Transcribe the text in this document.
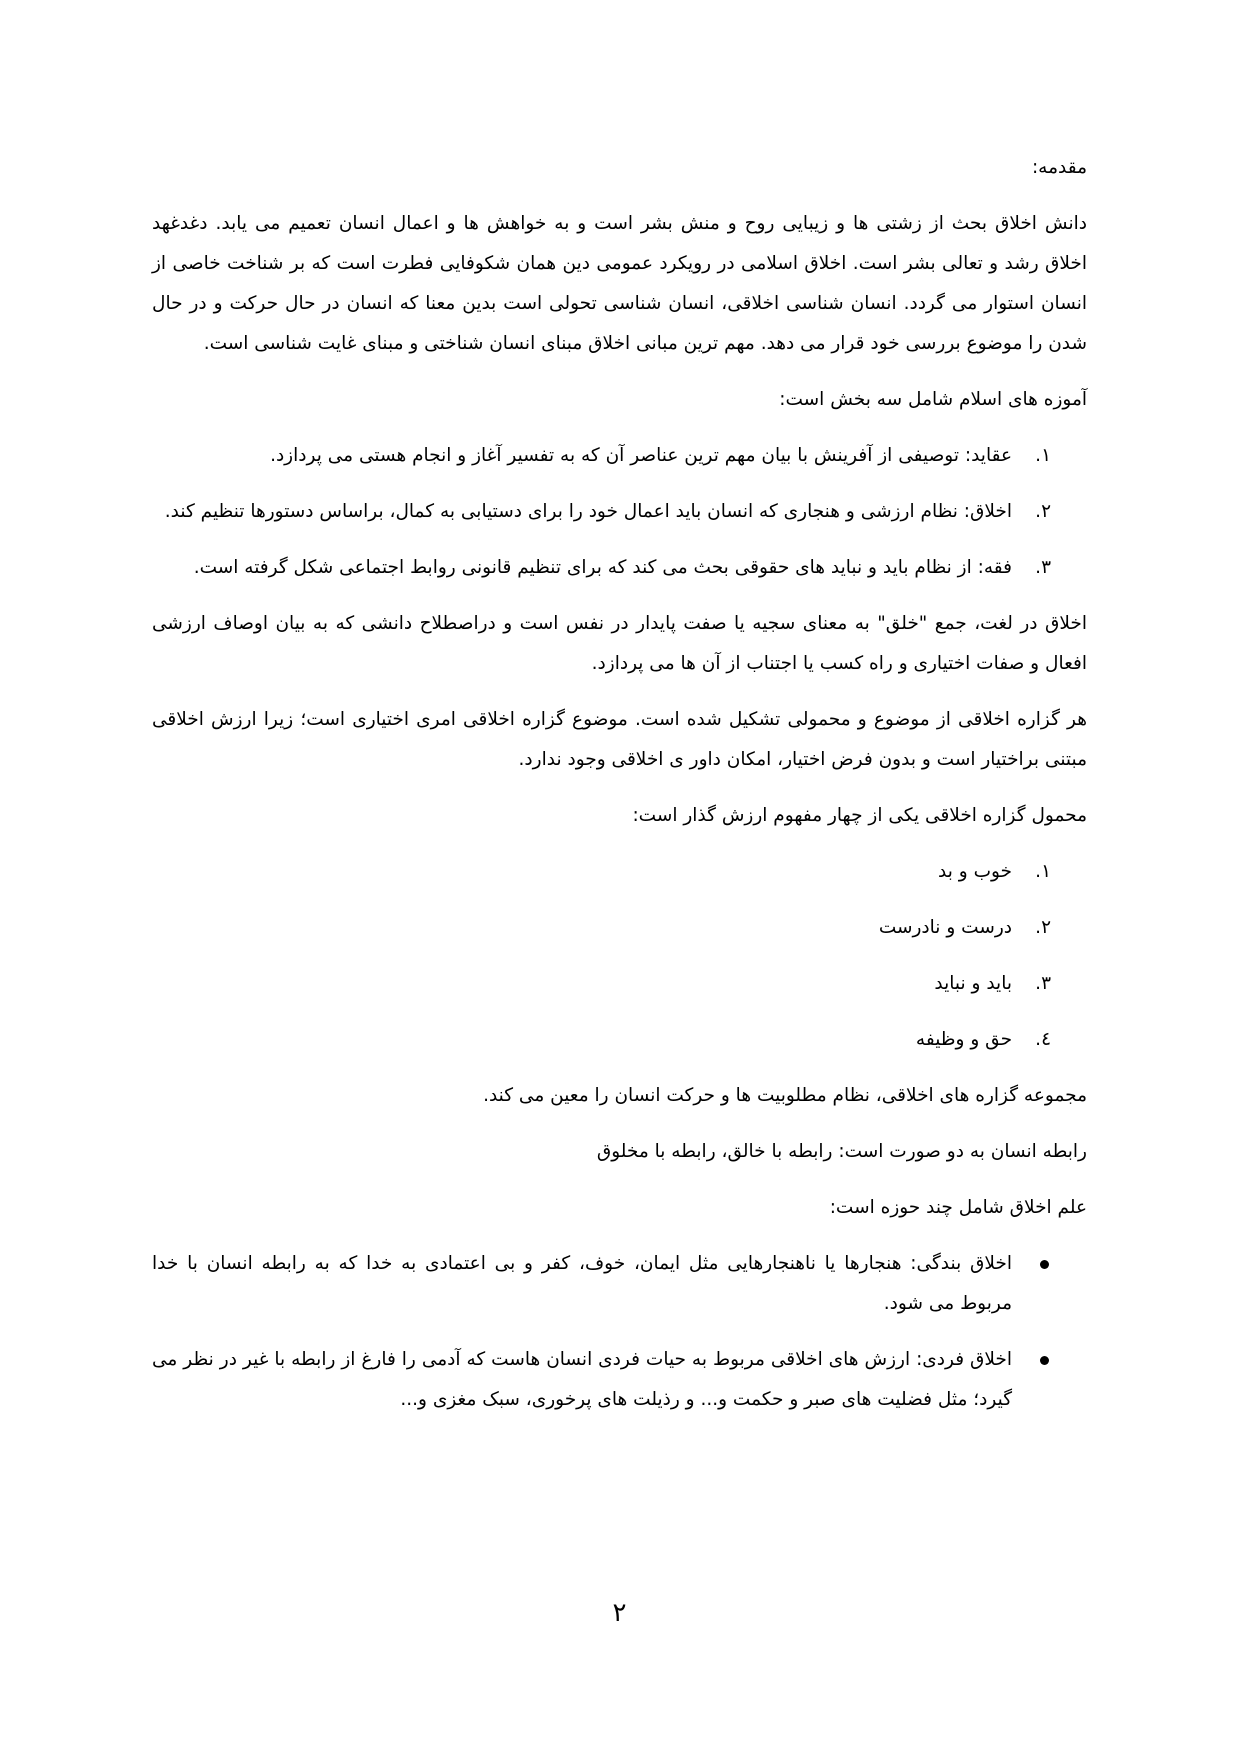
مقدمه:

دانش اخلاق بحث از زشتی ها و زیبایی روح و منش بشر است و به خواهش ها و اعمال انسان تعمیم می یابد. دغدغهد اخلاق رشد و تعالی بشر است. اخلاق اسلامی در رویکرد عمومی دین همان شکوفایی فطرت است که بر شناخت خاصی از انسان استوار می گردد. انسان شناسی اخلاقی، انسان شناسی تحولی است بدین معنا که انسان در حال حرکت و در حال شدن را موضوع بررسی خود قرار می دهد. مهم ترین مبانی اخلاق مبنای انسان شناختی و مبنای غایت شناسی است.

آموزه های اسلام شامل سه بخش است:

١.
عقاید: توصیفی از آفرینش با بیان مهم ترین عناصر آن که به تفسیر آغاز و انجام هستی می پردازد.
٢.
اخلاق: نظام ارزشی و هنجاری که انسان باید اعمال خود را برای دستیابی به کمال، براساس دستورها تنظیم کند.
٣.
فقه: از نظام باید و نباید های حقوقی بحث می کند که برای تنظیم قانونی روابط اجتماعی شکل گرفته است.

اخلاق در لغت، جمع "خلق" به معنای سجیه یا صفت پایدار در نفس است و دراصطلاح دانشی که به بیان اوصاف ارزشی افعال و صفات اختیاری و راه کسب یا اجتناب از آن ها می پردازد.

هر گزاره اخلاقی از موضوع و محمولی تشکیل شده است. موضوع گزاره اخلاقی امری اختیاری است؛ زیرا ارزش اخلاقی مبتنی براختیار است و بدون فرض اختیار، امکان داور ی اخلاقی وجود ندارد.

محمول گزاره اخلاقی یکی از چهار مفهوم ارزش گذار است:

١.
خوب و بد
٢.
درست و نادرست
٣.
باید و نباید
٤.
حق و وظیفه

مجموعه گزاره های اخلاقی، نظام مطلوبیت ها و حرکت انسان را معین می کند.

رابطه انسان به دو صورت است: رابطه با خالق، رابطه با مخلوق

علم اخلاق شامل چند حوزه است:

اخلاق بندگی: هنجارها یا ناهنجارهایی مثل ایمان، خوف، کفر و بی اعتمادی به خدا که به رابطه انسان با خدا مربوط می شود.
اخلاق فردی: ارزش های اخلاقی مربوط به حیات فردی انسان هاست که آدمی را فارغ از رابطه با غیر در نظر می گیرد؛ مثل فضلیت های صبر و حکمت و... و رذیلت های پرخوری، سبک مغزی و...
٢
